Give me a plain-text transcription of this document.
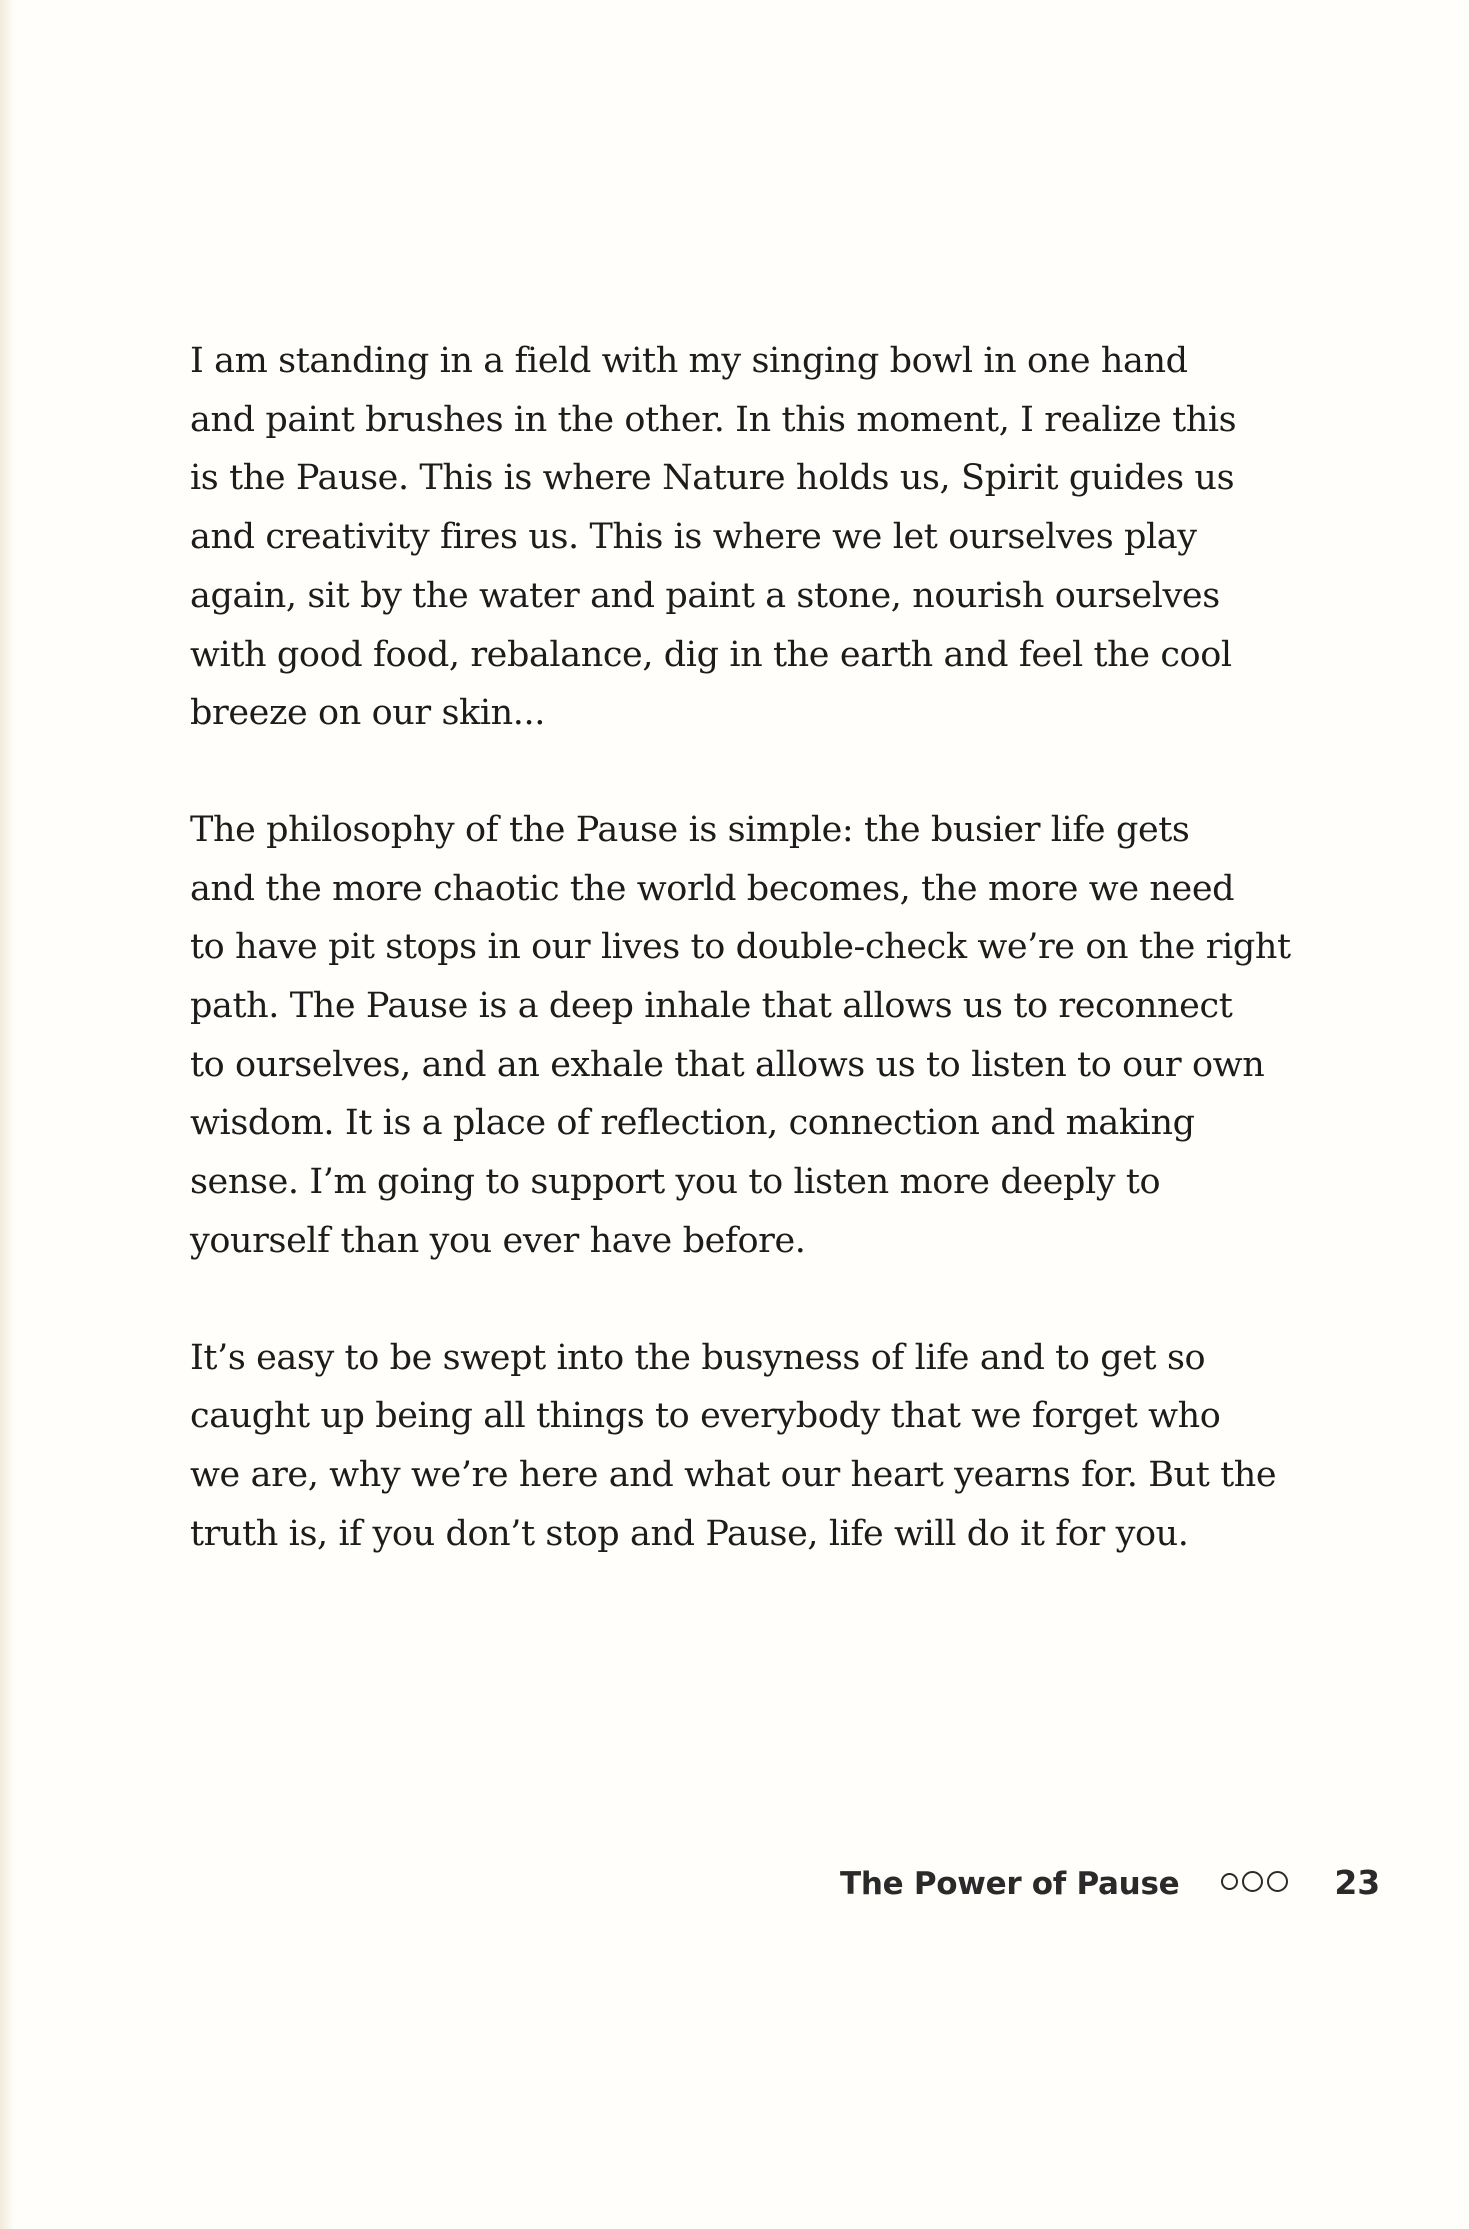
I am standing in a field with my singing bowl in one hand
and paint brushes in the other. In this moment, I realize this
is the Pause. This is where Nature holds us, Spirit guides us
and creativity fires us. This is where we let ourselves play
again, sit by the water and paint a stone, nourish ourselves
with good food, rebalance, dig in the earth and feel the cool
breeze on our skin...

The philosophy of the Pause is simple: the busier life gets
and the more chaotic the world becomes, the more we need
to have pit stops in our lives to double-check we’re on the right
path. The Pause is a deep inhale that allows us to reconnect
to ourselves, and an exhale that allows us to listen to our own
wisdom. It is a place of reflection, connection and making
sense. I’m going to support you to listen more deeply to
yourself than you ever have before.

It’s easy to be swept into the busyness of life and to get so
caught up being all things to everybody that we forget who
we are, why we’re here and what our heart yearns for. But the
truth is, if you don’t stop and Pause, life will do it for you.

The Power of Pause	23
